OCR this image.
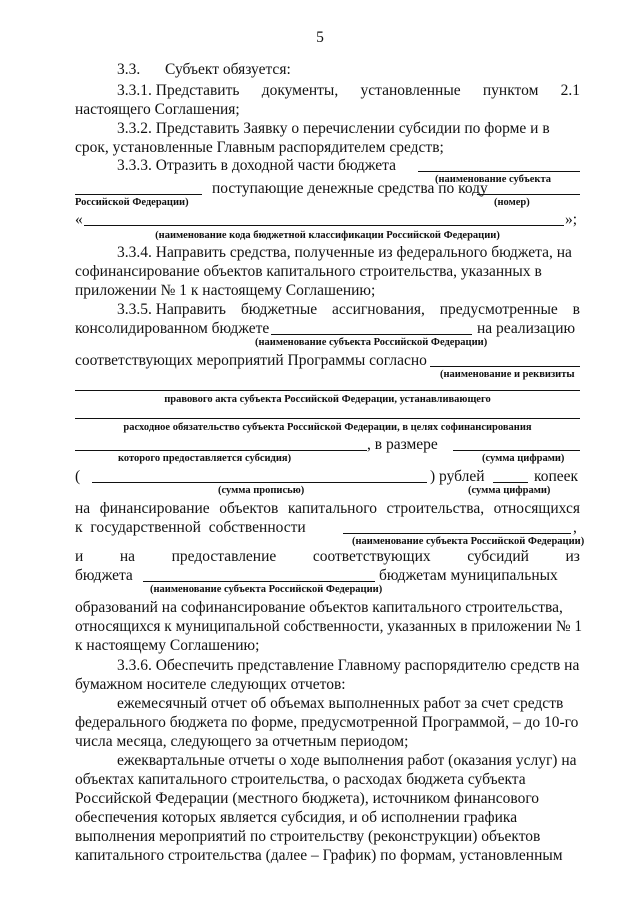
5
3.3. Субъект обязуется:
3.3.1. Представить документы, установленные пунктом 2.1
настоящего Соглашения;
3.3.2. Представить Заявку о перечислении субсидии по форме и в
срок, установленные Главным распорядителем средств;
3.3.3. Отразить в доходной части бюджета
(наименование субъекта
поступающие денежные средства по коду
Российской Федерации)	(номер)
«	»;
(наименование кода бюджетной классификации Российской Федерации)
3.3.4. Направить средства, полученные из федерального бюджета, на
софинансирование объектов капитального строительства, указанных в
приложении № 1 к настоящему Соглашению;
3.3.5. Направить бюджетные ассигнования, предусмотренные в
консолидированном бюджете	на реализацию
(наименование субъекта Российской Федерации)
соответствующих мероприятий Программы согласно
(наименование и реквизиты
правового акта субъекта Российской Федерации, устанавливающего
расходное обязательство субъекта Российской Федерации, в целях софинансирования
, в размере
которого предоставляется субсидия)	(сумма цифрами)
(	) рублей	копеек
(сумма прописью)	(сумма цифрами)
на финансирование объектов капитального строительства, относящихся
к государственной собственности	,
(наименование субъекта Российской Федерации)
и на предоставление соответствующих субсидий из
бюджета	бюджетам муниципальных
(наименование субъекта Российской Федерации)
образований на софинансирование объектов капитального строительства,
относящихся к муниципальной собственности, указанных в приложении № 1
к настоящему Соглашению;
3.3.6. Обеспечить представление Главному распорядителю средств на
бумажном носителе следующих отчетов:
ежемесячный отчет об объемах выполненных работ за счет средств
федерального бюджета по форме, предусмотренной Программой, – до 10-го
числа месяца, следующего за отчетным периодом;
ежеквартальные отчеты о ходе выполнения работ (оказания услуг) на
объектах капитального строительства, о расходах бюджета субъекта
Российской Федерации (местного бюджета), источником финансового
обеспечения которых является субсидия, и об исполнении графика
выполнения мероприятий по строительству (реконструкции) объектов
капитального строительства (далее – График) по формам, установленным
